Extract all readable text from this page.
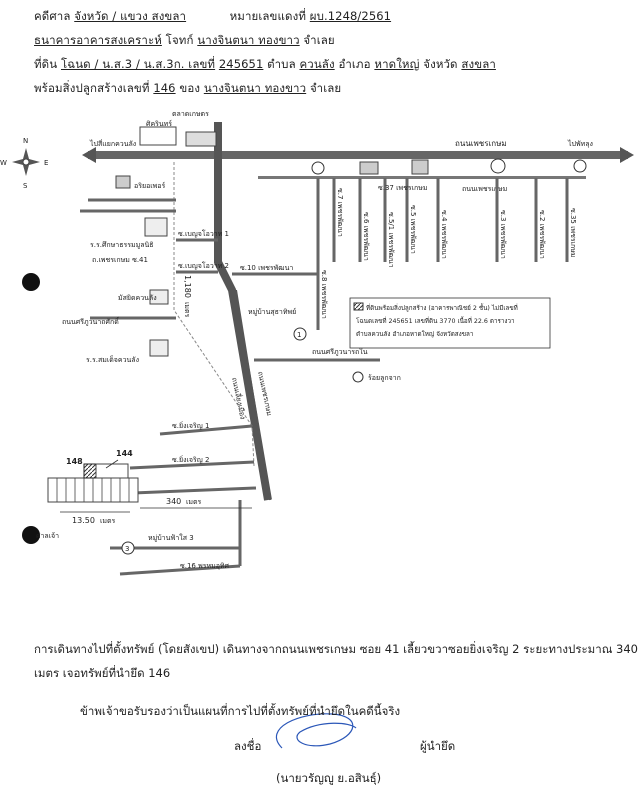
คดีศาล จังหวัด / แขวง สงขลา	หมายเลขแดงที่ ผบ.1248/2561
ธนาคารอาคารสงเคราะห์ โจทก์ นางจินตนา ทองขาว จำเลย
ที่ดิน โฉนด / น.ส.3 / น.ส.3ก. เลขที่ 245651 ตำบล ควนลัง อำเภอ หาดใหญ่ จังหวัด สงขลา
พร้อมสิ่งปลูกสร้างเลขที่ 146 ของ นางจินตนา ทองขาว จำเลย
N
S
E
W
ถนนเพชรเกษม
ไปสี่แยกควนลัง	ไปพัทลุง
ถนนเพชรเกษม
ถนนเพชรเกษม
ถนนเลี่ยงเมือง
1,180
เมตร
ซ.7 เพชรพัฒนา	ซ.6 เพชรพัฒนา ซ.5/1 เพชรพัฒนา ซ.5 เพชรพัฒนา	ซ.4 เพชรพัฒนา	ซ.3 เพชรพัฒนา	ซ.2 เพชรพัฒนา	ซ.35 เพชรเกษม
ซ.8 เพชรพัฒนา
ซ.37 เพชรเกษม
ซ.เบญจโอวาท 1
ซ.เบญจโอวาท 2 ซ.10 เพชรพัฒนา
ถ.เพชรเกษม ซ.41
ศิครินทร์
ตลาดเกษตร
อริยอเพอร์
ร.ร.ศึกษาธรรมมูลนิธิ
มัสยิดควนลัง
ถนนศรีภูวนาถศักดิ์
ร.ร.สมเด็จควนลัง
หมู่บ้านสุธาทิพย์
1
ถนนศรีภูวนารถใน
ที่ดินพร้อมสิ่งปลูกสร้าง (อาคารพาณิชย์ 2 ชั้น) ไม่มีเลขที่
โฉนดเลขที่ 245651 เลขที่ดิน 3770 เนื้อที่ 22.6 ตารางวา
ตำบลควนลัง อำเภอหาดใหญ่ จังหวัดสงขลา
ร้อยลูกจาก
ซ.ยิ่งเจริญ 1
ซ.ยิ่งเจริญ 2
ซ.16 พรหมอุทิศ
หมู่บ้านฟ้าใส 3
3
148
144
340 เมตร
13.50 เมตร
ศาลเจ้า
การเดินทางไปที่ตั้งทรัพย์ (โดยสังเขป) เดินทางจากถนนเพชรเกษม ซอย 41 เลี้ยวขวาซอยยิ่งเจริญ 2 ระยะทางประมาณ 340
เมตร เจอทรัพย์ที่นำยึด 146
ข้าพเจ้าขอรับรองว่าเป็นแผนที่การไปที่ตั้งทรัพย์ที่นำยึดในคดีนี้จริง
ลงชื่อ	ผู้นำยึด
(นายวรัญญู ย.อสินธุ์)
